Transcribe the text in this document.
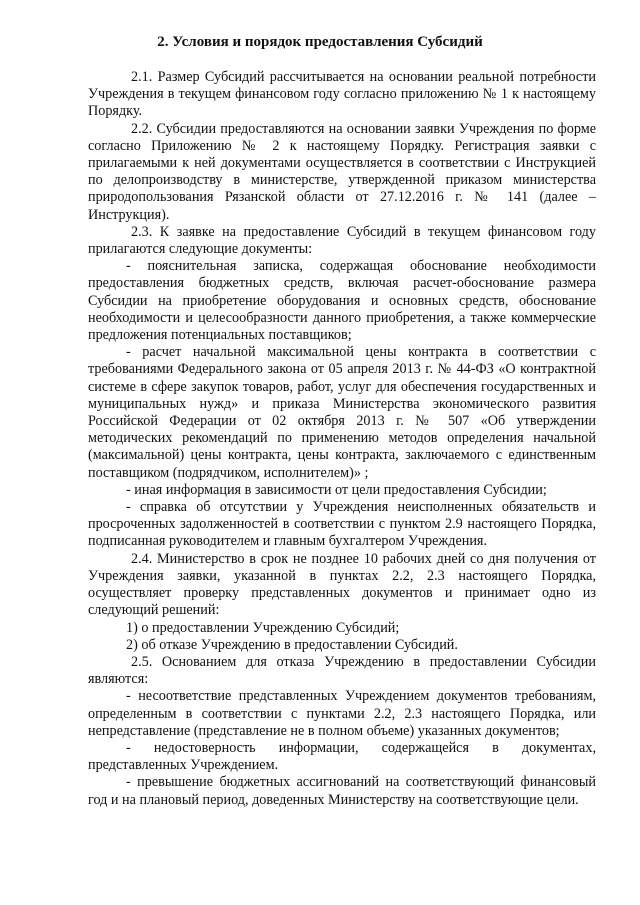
2. Условия и порядок предоставления Субсидий

2.1. Размер Субсидий рассчитывается на основании реальной потребности Учреждения в текущем финансовом году согласно приложению № 1 к настоящему Порядку.

2.2. Субсидии предоставляются на основании заявки Учреждения по форме согласно Приложению № 2 к настоящему Порядку. Регистрация заявки с прилагаемыми к ней документами осуществляется в соответствии с Инструкцией по делопроизводству в министерстве, утвержденной приказом министерства природопользования Рязанской области от 27.12.2016 г. № 141 (далее – Инструкция).

2.3. К заявке на предоставление Субсидий в текущем финансовом году прилагаются следующие документы:

- пояснительная записка, содержащая обоснование необходимости предоставления бюджетных средств, включая расчет-обоснование размера Субсидии на приобретение оборудования и основных средств, обоснование необходимости и целесообразности данного приобретения, а также коммерческие предложения потенциальных поставщиков;

- расчет начальной максимальной цены контракта в соответствии с требованиями Федерального закона от 05 апреля 2013 г. № 44-ФЗ «О контрактной системе в сфере закупок товаров, работ, услуг для обеспечения государственных и муниципальных нужд» и приказа Министерства экономического развития Российской Федерации от 02 октября 2013 г. № 507 «Об утверждении методических рекомендаций по применению методов определения начальной (максимальной) цены контракта, цены контракта, заключаемого с единственным поставщиком (подрядчиком, исполнителем)» ;

- иная информация в зависимости от цели предоставления Субсидии;

- справка об отсутствии у Учреждения неисполненных обязательств и просроченных задолженностей в соответствии с пунктом 2.9 настоящего Порядка, подписанная руководителем и главным бухгалтером Учреждения.

2.4. Министерство в срок не позднее 10 рабочих дней со дня получения от Учреждения заявки, указанной в пунктах 2.2, 2.3 настоящего Порядка, осуществляет проверку представленных документов и принимает одно из следующий решений:

1) о предоставлении Учреждению Субсидий;

2) об отказе Учреждению в предоставлении Субсидий.

2.5. Основанием для отказа Учреждению в предоставлении Субсидии являются:

- несоответствие представленных Учреждением документов требованиям, определенным в соответствии с пунктами 2.2, 2.3 настоящего Порядка, или непредставление (представление не в полном объеме) указанных документов;

- недостоверность информации, содержащейся в документах, представленных Учреждением.

- превышение бюджетных ассигнований на соответствующий финансовый год и на плановый период, доведенных Министерству на соответствующие цели.
